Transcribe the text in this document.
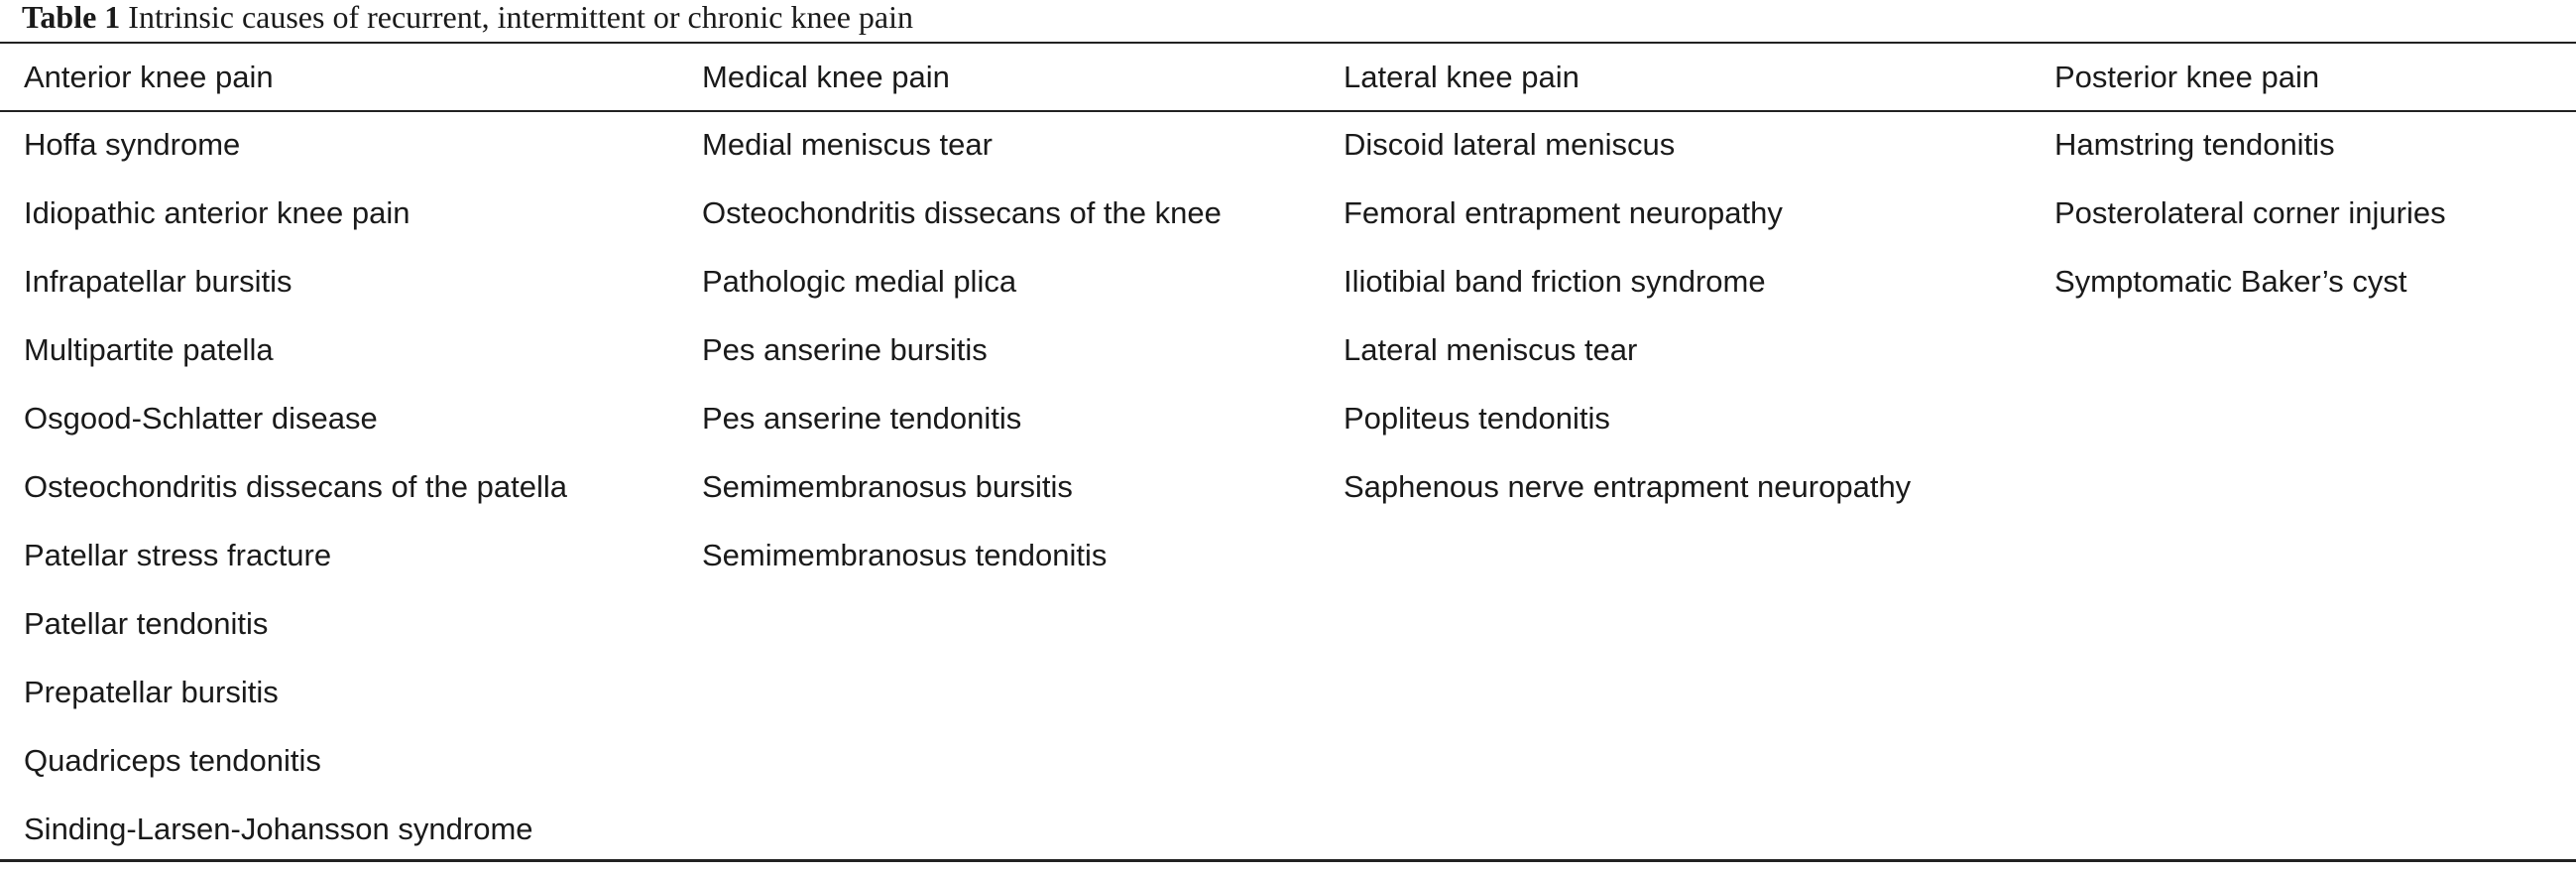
Table 1 Intrinsic causes of recurrent, intermittent or chronic knee pain
Anterior knee pain
Hoffa syndrome
Idiopathic anterior knee pain
Infrapatellar bursitis
Multipartite patella
Osgood-Schlatter disease
Osteochondritis dissecans of the patella
Patellar stress fracture
Patellar tendonitis
Prepatellar bursitis
Quadriceps tendonitis
Sinding-Larsen-Johansson syndrome
Medical knee pain
Medial meniscus tear
Osteochondritis dissecans of the knee
Pathologic medial plica
Pes anserine bursitis
Pes anserine tendonitis
Semimembranosus bursitis
Semimembranosus tendonitis
Lateral knee pain
Discoid lateral meniscus
Femoral entrapment neuropathy
Iliotibial band friction syndrome
Lateral meniscus tear
Popliteus tendonitis
Saphenous nerve entrapment neuropathy
Posterior knee pain
Hamstring tendonitis
Posterolateral corner injuries
Symptomatic Baker’s cyst
